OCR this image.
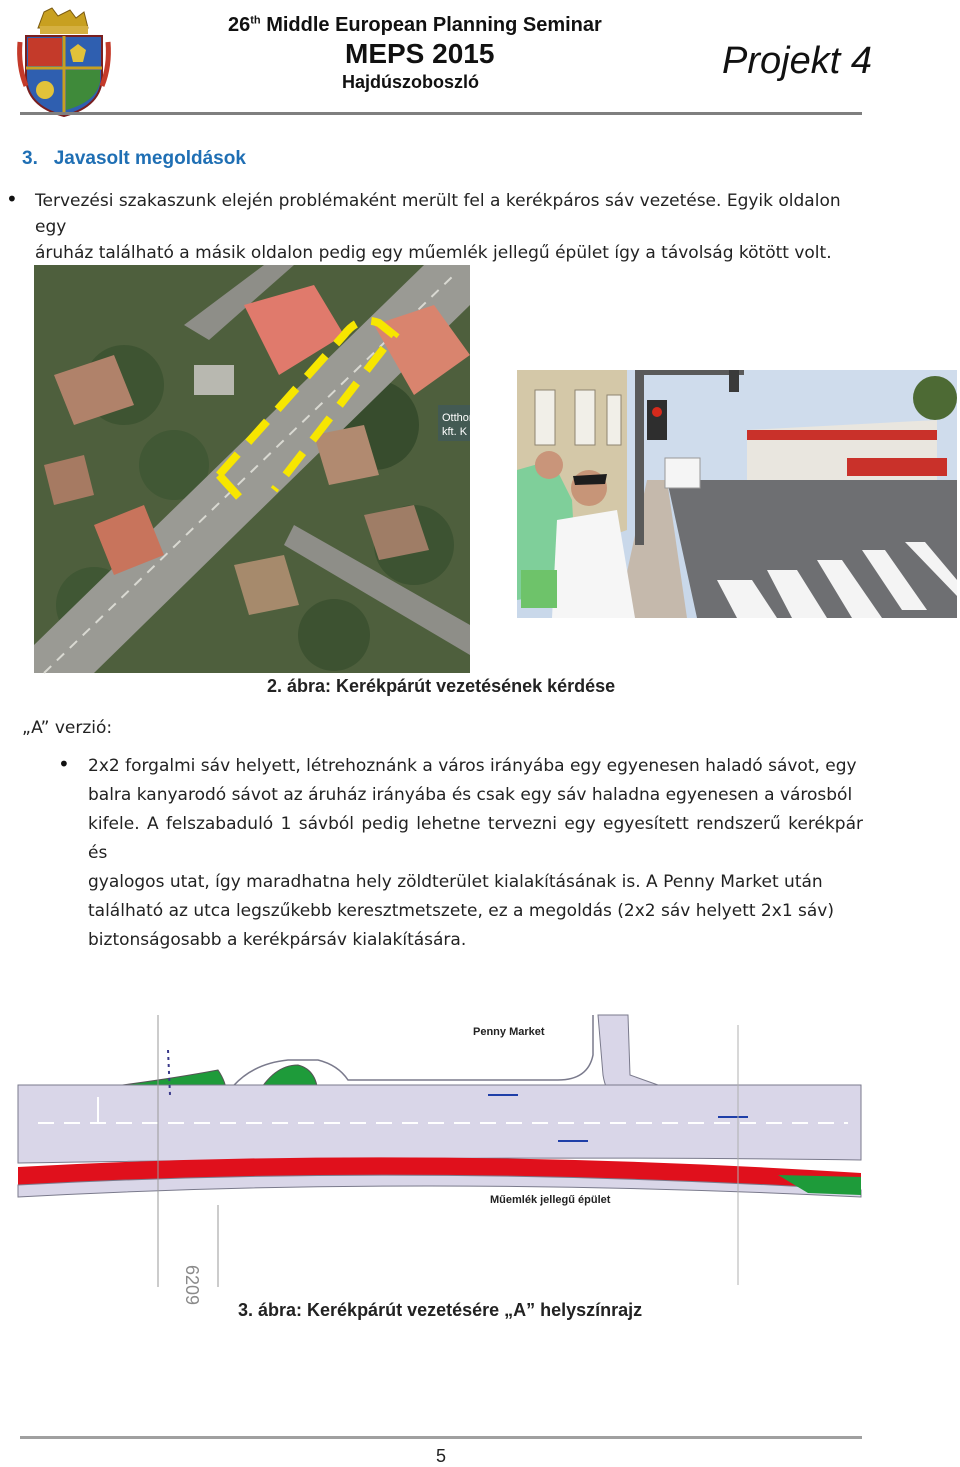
26th Middle European Planning Seminar
MEPS 2015
Hajdúszoboszló	Projekt 4
3. Javasolt megoldások
• Tervezési szakaszunk elején problémaként merült fel a kerékpáros sáv vezetése. Egyik oldalon egy
áruház található a másik oldalon pedig egy műemlék jellegű épület így a távolság kötött volt.
Otthon
kft. K
2. ábra: Kerékpárút vezetésének kérdése
„A” verzió:
• 2x2 forgalmi sáv helyett, létrehoznánk a város irányába egy egyenesen haladó sávot, egy
balra kanyarodó sávot az áruház irányába és csak egy sáv haladna egyenesen a városból
kifele. A felszabaduló 1 sávból pedig lehetne tervezni egy egyesített rendszerű kerékpár és
gyalogos utat, így maradhatna hely zöldterület kialakításának is. A Penny Market után
található az utca legszűkebb keresztmetszete, ez a megoldás (2x2 sáv helyett 2x1 sáv)
biztonságosabb a kerékpársáv kialakítására.
6209
Penny Market
Műemlék jellegű épület
3. ábra: Kerékpárút vezetésére „A” helyszínrajz
5
